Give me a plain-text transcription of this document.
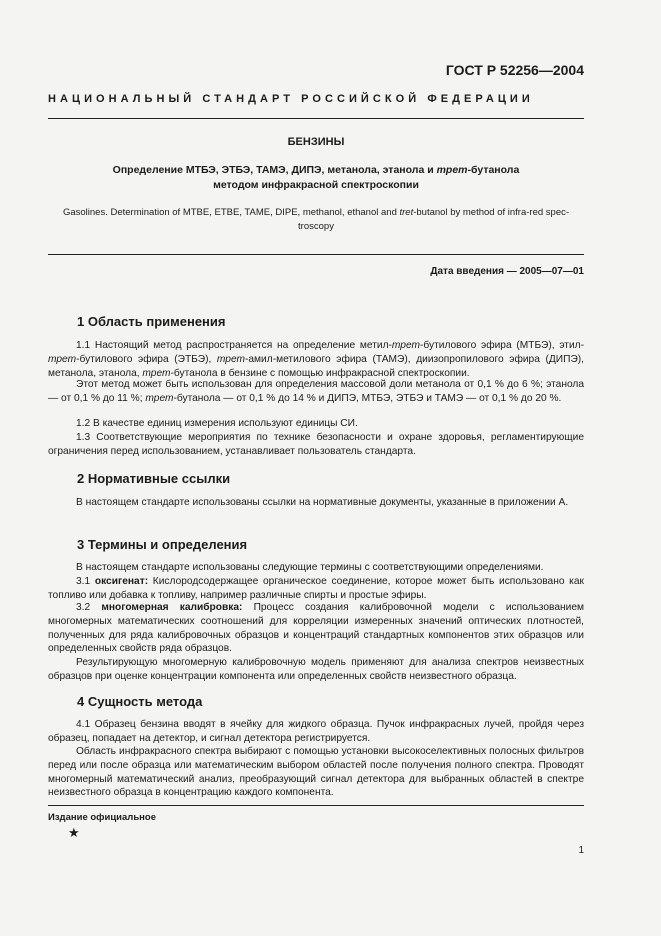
ГОСТ Р 52256—2004
НАЦИОНАЛЬНЫЙ СТАНДАРТ РОССИЙСКОЙ ФЕДЕРАЦИИ
БЕНЗИНЫ
Определение МТБЭ, ЭТБЭ, ТАМЭ, ДИПЭ, метанола, этанола и трет-бутанола
методом инфракрасной спектроскопии
Gasolines. Determination of MTBE, ETBE, TAME, DIPE, methanol, ethanol and tret-butanol by method of infra-red spec-troscopy
Дата введения — 2005—07—01
1 Область применения

1.1 Настоящий метод распространяется на определение метил-трет-бутилового эфира (МТБЭ), этил-трет-бутилового эфира (ЭТБЭ), трет-амил-метилового эфира (ТАМЭ), диизопропилового эфира (ДИПЭ), метанола, этанола, трет-бутанола в бензине с помощью инфракрасной спектроскопии.

Этот метод может быть использован для определения массовой доли метанола от 0,1 % до 6 %; этанола — от 0,1 % до 11 %; трет-бутанола — от 0,1 % до 14 % и ДИПЭ, МТБЭ, ЭТБЭ и ТАМЭ — от 0,1 % до 20 %.

1.2 В качестве единиц измерения используют единицы СИ.

1.3 Соответствующие мероприятия по технике безопасности и охране здоровья, регламентирующие ограничения перед использованием, устанавливает пользователь стандарта.

2 Нормативные ссылки

В настоящем стандарте использованы ссылки на нормативные документы, указанные в приложении А.

3 Термины и определения

В настоящем стандарте использованы следующие термины с соответствующими определениями.

3.1 оксигенат: Кислородсодержащее органическое соединение, которое может быть использовано как топливо или добавка к топливу, например различные спирты и простые эфиры.

3.2 многомерная калибровка: Процесс создания калибровочной модели с использованием многомерных математических соотношений для корреляции измеренных значений оптических плотностей, полученных для ряда калибровочных образцов и концентраций стандартных компонентов этих образцов или определенных свойств ряда образцов.

Результирующую многомерную калибровочную модель применяют для анализа спектров неизвестных образцов при оценке концентрации компонента или определенных свойств неизвестного образца.

4 Сущность метода

4.1 Образец бензина вводят в ячейку для жидкого образца. Пучок инфракрасных лучей, пройдя через образец, попадает на детектор, и сигнал детектора регистрируется.

Область инфракрасного спектра выбирают с помощью установки высокоселективных полосных фильтров перед или после образца или математическим выбором областей после получения полного спектра. Проводят многомерный математический анализ, преобразующий сигнал детектора для выбранных областей в спектре неизвестного образца в концентрацию каждого компонента.

Издание официальное
★
1
